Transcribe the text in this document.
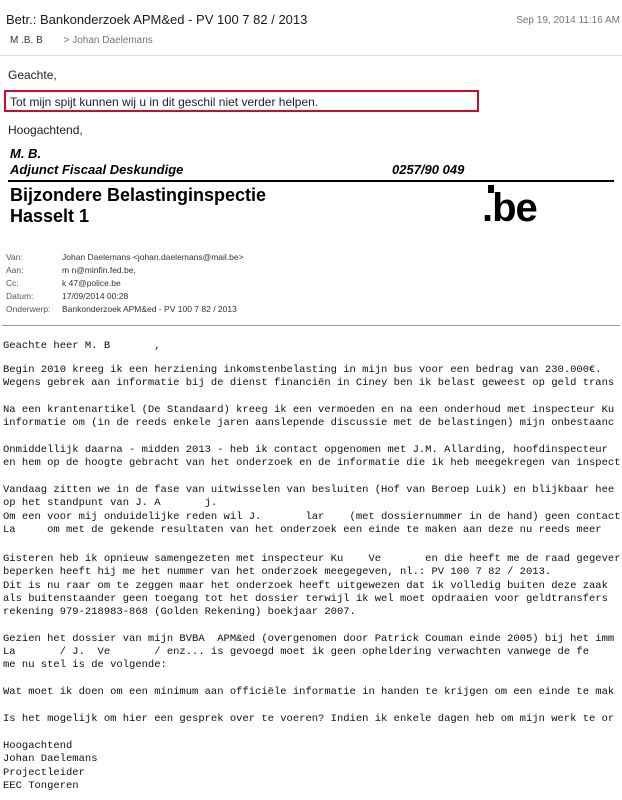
Betr.: Bankonderzoek APM&ed - PV 100 7 82 / 2013	Sep 19, 2014 11:16 AM
M .B. B > Johan Daelemans
Geachte,
Tot mijn spijt kunnen wij u in dit geschil niet verder helpen.
Hoogachtend,
M. B.
Adjunct Fiscaal Deskundige	0257/90 049
Bijzondere Belastinginspectie
Hasselt 1	.be
Van:	Johan Daelemans <johan.daelemans@mail.be>
Aan:	m n@minfin.fed.be,
Cc:	k 47@police.be
Datum:	17/09/2014 00:28
Onderwerp: Bankonderzoek APM&ed - PV 100 7 82 / 2013
Geachte heer M. B       ,
Begin 2010 kreeg ik een herziening inkomstenbelasting in mijn bus voor een bedrag van 230.000€.
Wegens gebrek aan informatie bij de dienst financiën in Ciney ben ik belast geweest op geld trans
Na een krantenartikel (De Standaard) kreeg ik een vermoeden en na een onderhoud met inspecteur Ku
informatie om (in de reeds enkele jaren aanslepende discussie met de belastingen) mijn onbestaanc
Onmiddellijk daarna - midden 2013 - heb ik contact opgenomen met J.M. Allarding, hoofdinspecteur
en hem op de hoogte gebracht van het onderzoek en de informatie die ik heb meegekregen van inspect
Vandaag zitten we in de fase van uitwisselen van besluiten (Hof van Beroep Luik) en blijkbaar hee
op het standpunt van J. A       j.
Om een voor mij onduidelijke reden wil J.       lar    (met dossiernummer in de hand) geen contact
La     om met de gekende resultaten van het onderzoek een einde te maken aan deze nu reeds meer
Gisteren heb ik opnieuw samengezeten met inspecteur Ku    Ve       en die heeft me de raad gegever
beperken heeft hij me het nummer van het onderzoek meegegeven, nl.: PV 100 7 82 / 2013.
Dit is nu raar om te zeggen maar het onderzoek heeft uitgewezen dat ik volledig buiten deze zaak
als buitenstaander geen toegang tot het dossier terwijl ik wel moet opdraaien voor geldtransfers
rekening 979-218983-868 (Golden Rekening) boekjaar 2007.
Gezien het dossier van mijn BVBA  APM&ed (overgenomen door Patrick Couman einde 2005) bij het imm
La       / J.  Ve       / enz... is gevoegd moet ik geen opheldering verwachten vanwege de fe
me nu stel is de volgende:
Wat moet ik doen om een minimum aan officiële informatie in handen te krijgen om een einde te mak
Is het mogelijk om hier een gesprek over te voeren? Indien ik enkele dagen heb om mijn werk te or
Hoogachtend
Johan Daelemans
Projectleider
EEC Tongeren
